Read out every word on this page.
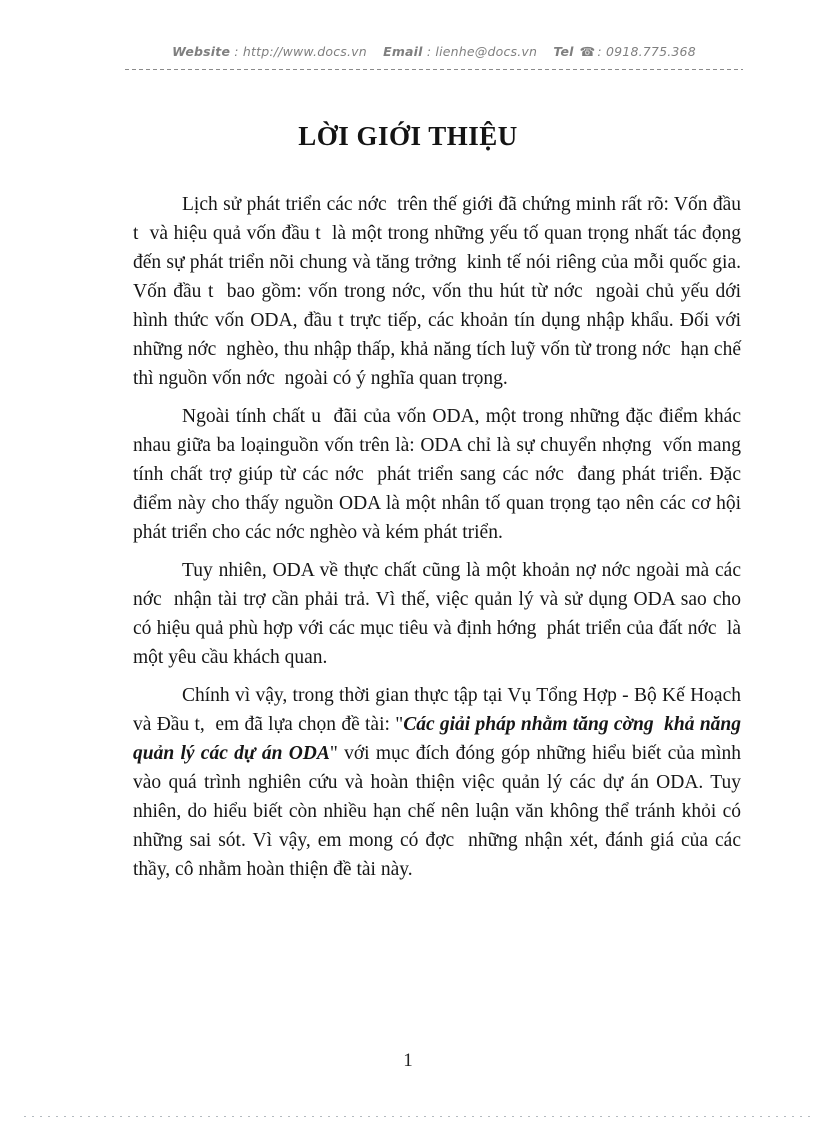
Website : http://www.docs.vn Email : lienhe@docs.vn Tel ☎ : 0918.775.368
LỜI GIỚI THIỆU

Lịch sử phát triển các nớc  trên thế giới đã chứng minh rất rõ: Vốn đầu t  và hiệu quả vốn đầu t  là một trong những yếu tố quan trọng nhất tác đọng đến sự phát triển nõi chung và tăng trởng  kinh tế nói riêng của mỗi quốc gia. Vốn đầu t  bao gồm: vốn trong nớc, vốn thu hút từ nớc  ngoài chủ yếu dới  hình thức vốn ODA, đầu t trực tiếp, các khoản tín dụng nhập khẩu. Đối với những nớc  nghèo, thu nhập thấp, khả năng tích luỹ vốn từ trong nớc  hạn chế thì nguồn vốn nớc  ngoài có ý nghĩa quan trọng.

Ngoài tính chất u  đãi của vốn ODA, một trong những đặc điểm khác nhau giữa ba loạinguồn vốn trên là: ODA chỉ là sự chuyển nhợng  vốn mang tính chất trợ giúp từ các nớc  phát triển sang các nớc  đang phát triển. Đặc điểm này cho thấy nguồn ODA là một nhân tố quan trọng tạo nên các cơ hội phát triển cho các nớc nghèo và kém phát triển.

Tuy nhiên, ODA về thực chất cũng là một khoản nợ nớc ngoài mà các nớc  nhận tài trợ cần phải trả. Vì thế, việc quản lý và sử dụng ODA sao cho có hiệu quả phù hợp với các mục tiêu và định hớng  phát triển của đất nớc  là một yêu cầu khách quan.

Chính vì vậy, trong thời gian thực tập tại Vụ Tổng Hợp - Bộ Kế Hoạch và Đầu t,  em đã lựa chọn đề tài: "Các giải pháp nhằm tăng cờng  khả năng quản lý các dự án ODA" với mục đích đóng góp những hiểu biết của mình vào quá trình nghiên cứu và hoàn thiện việc quản lý các dự án ODA. Tuy nhiên, do hiểu biết còn nhiều hạn chế nên luận văn không thể tránh khỏi có những sai sót. Vì vậy, em mong có đợc  những nhận xét, đánh giá của các thầy, cô nhằm hoàn thiện đề tài này.

1
